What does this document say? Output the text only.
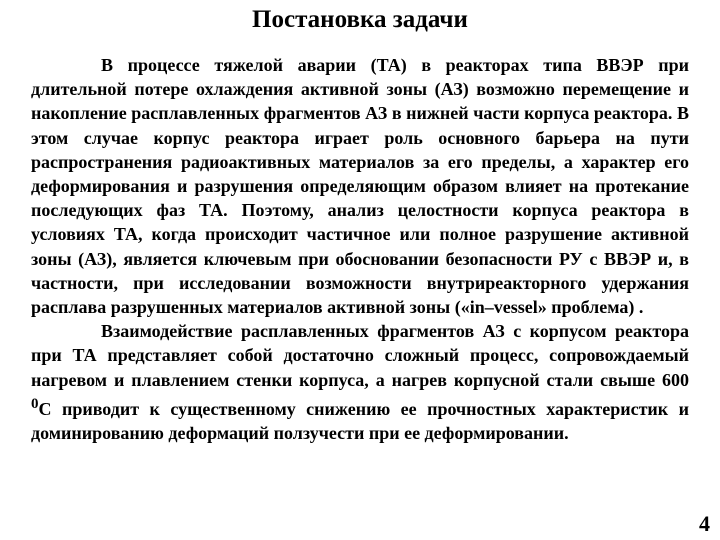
Постановка задачи

В процессе тяжелой аварии (ТА) в реакторах типа ВВЭР при длительной потере охлаждения активной зоны (АЗ) возможно перемещение и накопление расплавленных фрагментов АЗ в нижней части корпуса реактора. В этом случае корпус реактора играет роль основного барьера на пути распространения радиоактивных материалов за его пределы, а характер его деформирования и разрушения определяющим образом влияет на протекание последующих фаз ТА. Поэтому, анализ целостности корпуса реактора в условиях ТА, когда происходит частичное или полное разрушение активной зоны (АЗ), является ключевым при обосновании безопасности РУ с ВВЭР и, в частности, при исследовании возможности внутриреакторного удержания расплава разрушенных материалов активной зоны («in–vessel» проблема) .

Взаимодействие расплавленных фрагментов АЗ с корпусом реактора при ТА представляет собой достаточно сложный процесс, сопровождаемый нагревом и плавлением стенки корпуса, а нагрев корпусной стали свыше 600 $^0$С приводит к существенному снижению ее прочностных характеристик и доминированию деформаций ползучести при ее деформировании.

4
